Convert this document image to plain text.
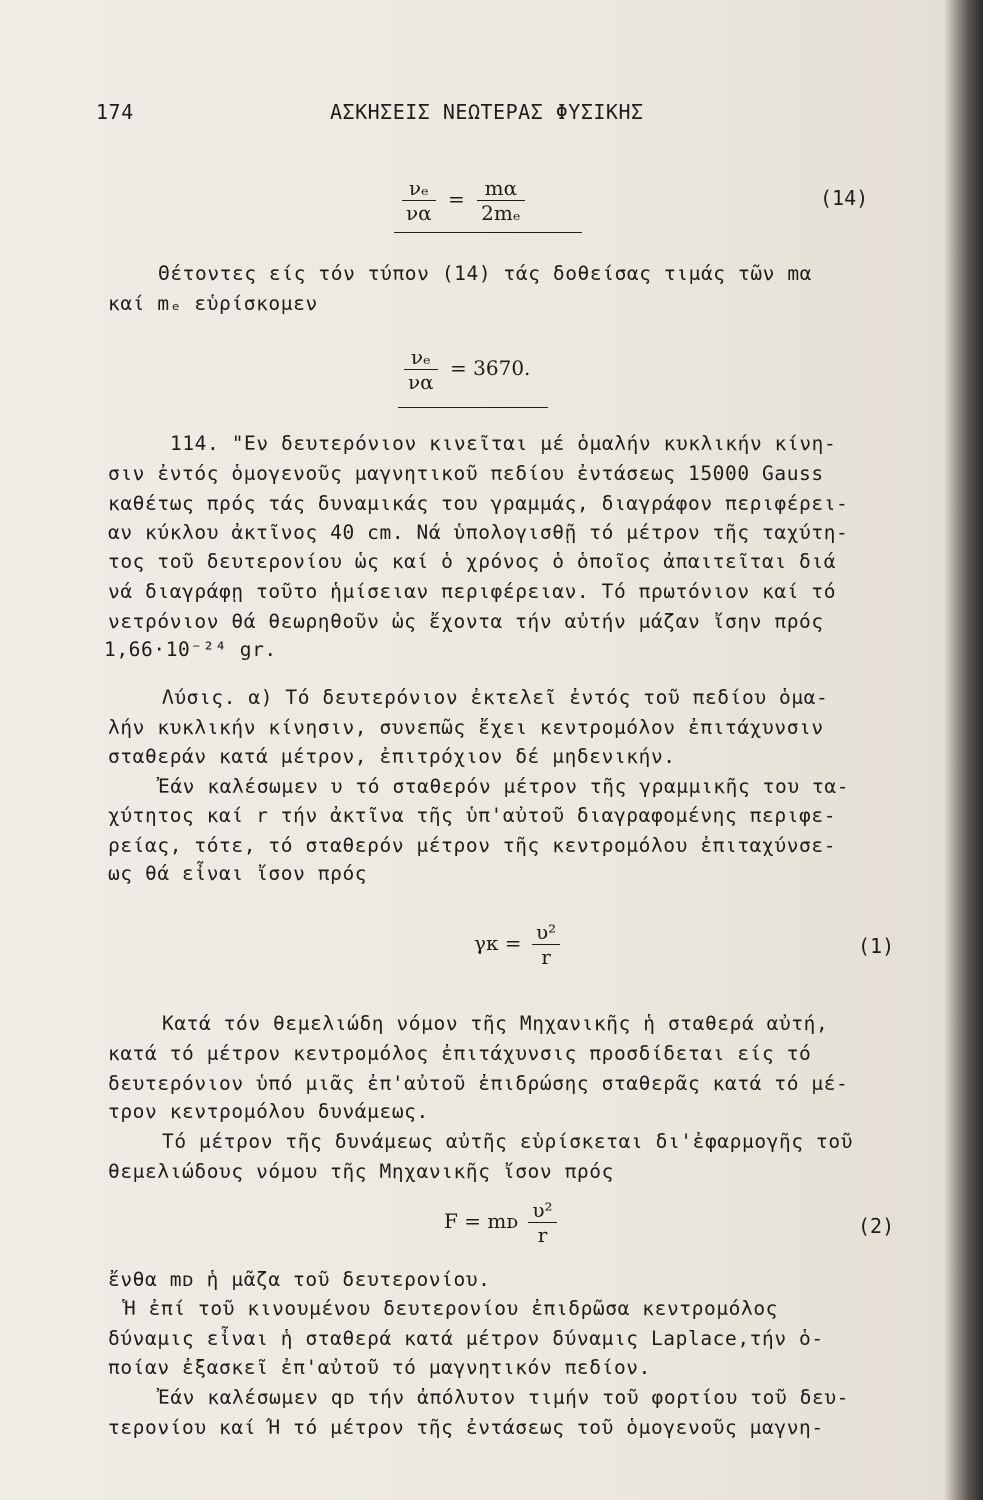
174	ΑΣΚΗΣΕΙΣ ΝΕΩΤΕΡΑΣ ΦΥΣΙΚΗΣ
$\frac{\text{νₑ}}{\nu\alpha} = \frac{m\alpha}{\text{2mₑ}}$	(14)
Θέτοντες είς τόν τύπον (14) τάς δοθείσας τιμάς τῶν mα
καί mₑ εὑρίσκομεν
$\frac{\text{νₑ}}{\nu\alpha} = 3670$.
114. "Εν δευτερόνιον κινεῖται μέ ὁμαλήν κυκλικήν κίνη-
σιν ἐντός ὁμογενοῦς μαγνητικοῦ πεδίου ἐντάσεως 15000 Gauss
καθέτως πρός τάς δυναμικάς του γραμμάς, διαγράφον περιφέρει-
αν κύκλου ἀκτῖνος 40 cm. Νά ὑπολογισθῇ τό μέτρον τῆς ταχύτη-
τος τοῦ δευτερονίου ὡς καί ὁ χρόνος ὁ ὁποῖος ἀπαιτεῖται διά
νά διαγράφῃ τοῦτο ἡμίσειαν περιφέρειαν. Τό πρωτόνιον καί τό
νετρόνιον θά θεωρηθοῦν ὡς ἔχοντα τήν αὐτήν μάζαν ἴσην πρός
1,66·10⁻²⁴ gr.
Λύσις. α) Τό δευτερόνιον ἐκτελεῖ ἐντός τοῦ πεδίου ὁμα-
λήν κυκλικήν κίνησιν, συνεπῶς ἔχει κεντρομόλον ἐπιτάχυνσιν
σταθεράν κατά μέτρον, ἐπιτρόχιον δέ μηδενικήν.
Ἐάν καλέσωμεν υ τό σταθερόν μέτρον τῆς γραμμικῆς του τα-
χύτητος καί r τήν ἀκτῖνα τῆς ὑπ'αὐτοῦ διαγραφομένης περιφε-
ρείας, τότε, τό σταθερόν μέτρον τῆς κεντρομόλου ἐπιταχύνσε-
ως θά εἶναι ἴσον πρός
$\gamma\kappa = \frac{\text{υ²}}{r}$	(1)
Κατά τόν θεμελιώδη νόμον τῆς Μηχανικῆς ἡ σταθερά αὐτή,
κατά τό μέτρον κεντρομόλος ἐπιτάχυνσις προσδίδεται είς τό
δευτερόνιον ὑπό μιᾶς ἐπ'αὐτοῦ ἐπιδρώσης σταθερᾶς κατά τό μέ-
τρον κεντρομόλου δυνάμεως.
Τό μέτρον τῆς δυνάμεως αὐτῆς εὑρίσκεται δι'ἐφαρμογῆς τοῦ
θεμελιώδους νόμου τῆς Μηχανικῆς ἴσον πρός
F = mᴅ $\frac{\text{υ²}}{r}$	(2)
ἔνθα mᴅ ἡ μᾶζα τοῦ δευτερονίου.
Ἡ ἐπί τοῦ κινουμένου δευτερονίου ἐπιδρῶσα κεντρομόλος
δύναμις εἶναι ἡ σταθερά κατά μέτρον δύναμις Laplace,τήν ὁ-
ποίαν ἐξασκεῖ ἐπ'αὐτοῦ τό μαγνητικόν πεδίον.
Ἐάν καλέσωμεν qᴅ τήν ἀπόλυτον τιμήν τοῦ φορτίου τοῦ δευ-
τερονίου καί Ή τό μέτρον τῆς ἐντάσεως τοῦ ὁμογενοῦς μαγνη-
